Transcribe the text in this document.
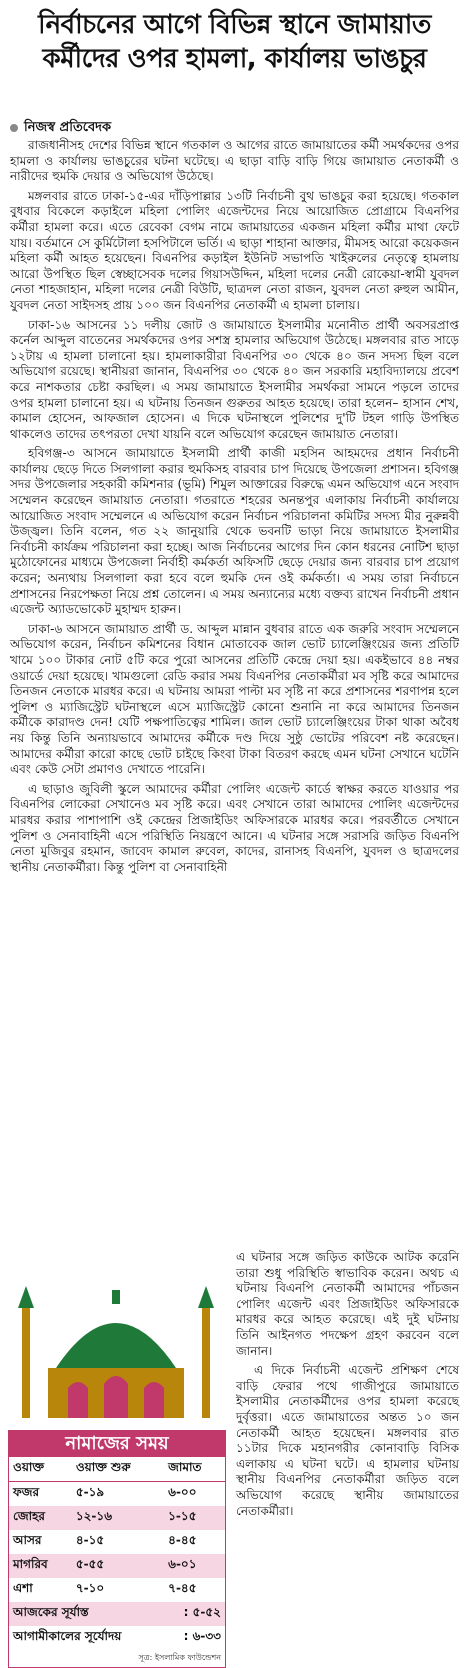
নির্বাচনের আগে বিভিন্ন স্থানে জামায়াত
কর্মীদের ওপর হামলা, কার্যালয় ভাঙচুর
নিজস্ব প্রতিবেদক

রাজধানীসহ দেশের বিভিন্ন স্থানে গতকাল ও আগের রাতে জামায়াতের কর্মী সমর্থকদের ওপর হামলা ও কার্যালয় ভাঙচুরের ঘটনা ঘটেছে। এ ছাড়া বাড়ি বাড়ি গিয়ে জামায়াত নেতাকর্মী ও নারীদের হুমকি দেয়ার ও অভিযোগ উঠেছে।

মঙ্গলবার রাতে ঢাকা-১৫-এর দাঁড়িপাল্লার ১৩টি নির্বাচনী বুথ ভাঙচুর করা হয়েছে। গতকাল বুধবার বিকেলে কড়াইলে মহিলা পোলিং এজেন্টদের নিয়ে আয়োজিত প্রোগ্রামে বিএনপির কর্মীরা হামলা করে। এতে রেবেকা বেগম নামে জামায়াতের একজন মহিলা কর্মীর মাথা ফেটে যায়। বর্তমানে সে কুর্মিটোলা হসপিটালে ভর্তি। এ ছাড়া শাহানা আক্তার, মীমসহ আরো কয়েকজন মহিলা কর্মী আহত হয়েছেন। বিএনপির কড়াইল ইউনিট সভাপতি খাইরুলের নেতৃত্বে হামলায় আরো উপস্থিত ছিল স্বেচ্ছাসেবক দলের গিয়াসউদ্দিন, মহিলা দলের নেত্রী রোকেয়া-স্বামী যুবদল নেতা শাহজাহান, মহিলা দলের নেত্রী বিউটি, ছাত্রদল নেতা রাজন, যুবদল নেতা রুহুল আমীন, যুবদল নেতা সাইদসহ প্রায় ১০০ জন বিএনপির নেতাকর্মী এ হামলা চালায়।

ঢাকা-১৬ আসনের ১১ দলীয় জোট ও জামায়াতে ইসলামীর মনোনীত প্রার্থী অবসরপ্রাপ্ত কর্নেল আব্দুল বাতেনের সমর্থকদের ওপর সশস্ত্র হামলার অভিযোগ উঠেছে। মঙ্গলবার রাত সাড়ে ১২টায় এ হামলা চালানো হয়। হামলাকারীরা বিএনপির ৩০ থেকে ৪০ জন সদস্য ছিল বলে অভিযোগ রয়েছে। স্থানীয়রা জানান, বিএনপির ৩০ থেকে ৪০ জন সরকারি মহাবিদ্যালয়ে প্রবেশ করে নাশকতার চেষ্টা করছিল। এ সময় জামায়াতে ইসলামীর সমর্থকরা সামনে পড়লে তাদের ওপর হামলা চালানো হয়। এ ঘটনায় তিনজন গুরুতর আহত হয়েছে। তারা হলেন– হাসান শেখ, কামাল হোসেন, আফজাল হোসেন। এ দিকে ঘটনাস্থলে পুলিশের দু'টি টহল গাড়ি উপস্থিত থাকলেও তাদের তৎপরতা দেখা যায়নি বলে অভিযোগ করেছেন জামায়াত নেতারা।

হবিগঞ্জ-৩ আসনে জামায়াতে ইসলামী প্রার্থী কাজী মহসিন আহমদের প্রধান নির্বাচনী কার্যালয় ছেড়ে দিতে সিলগালা করার হুমকিসহ বারবার চাপ দিয়েছে উপজেলা প্রশাসন। হবিগঞ্জ সদর উপজেলার সহকারী কমিশনার (ভূমি) শিমুল আক্তারের বিরুদ্ধে এমন অভিযোগ এনে সংবাদ সম্মেলন করেছেন জামায়াত নেতারা। গতরাতে শহরের অনন্তপুর এলাকায় নির্বাচনী কার্যালয়ে আয়োজিত সংবাদ সম্মেলনে এ অভিযোগ করেন নির্বাচন পরিচালনা কমিটির সদস্য মীর নুরুন্নবী উজ্জ্বল। তিনি বলেন, গত ২২ জানুয়ারি থেকে ভবনটি ভাড়া নিয়ে জামায়াতে ইসলামীর নির্বাচনী কার্যক্রম পরিচালনা করা হচ্ছে। আজ নির্বাচনের আগের দিন কোন ধরনের নোটিশ ছাড়া মুঠোফোনের মাধ্যমে উপজেলা নির্বাহী কর্মকর্তা অফিসটি ছেড়ে দেয়ার জন্য বারবার চাপ প্রয়োগ করেন; অন্যথায় সিলগালা করা হবে বলে হুমকি দেন ওই কর্মকর্তা। এ সময় তারা নির্বাচনে প্রশাসনের নিরপেক্ষতা নিয়ে প্রশ্ন তোলেন। এ সময় অন্যান্যের মধ্যে বক্তব্য রাখেন নির্বাচনী প্রধান এজেন্ট অ্যাডভোকেট মুহাম্মদ হারুন।

ঢাকা-৬ আসনে জামায়াত প্রার্থী ড. আব্দুল মান্নান বুধবার রাতে এক জরুরি সংবাদ সম্মেলনে অভিযোগ করেন, নির্বাচন কমিশনের বিধান মোতাবেক জাল ভোট চ্যালেঞ্জিংয়ের জন্য প্রতিটি খামে ১০০ টাকার নোট ৫টি করে পুরো আসনের প্রতিটি কেন্দ্রে দেয়া হয়। একইভাবে ৪৪ নম্বর ওয়ার্ডে দেয়া হয়েছে। খামগুলো রেডি করার সময় বিএনপির নেতাকর্মীরা মব সৃষ্টি করে আমাদের তিনজন নেতাকে মারধর করে। এ ঘটনায় আমরা পাল্টা মব সৃষ্টি না করে প্রশাসনের শরণাপন্ন হলে পুলিশ ও ম্যাজিস্ট্রেট ঘটনাস্থলে এসে ম্যাজিস্ট্রেট কোনো শুনানি না করে আমাদের তিনজন কর্মীকে কারাদণ্ড দেন! যেটি পক্ষপাতিত্বের শামিল। জাল ভোট চ্যালেঞ্জিংয়ের টাকা থাকা অবৈধ নয় কিন্তু তিনি অন্যায়ভাবে আমাদের কর্মীকে দণ্ড দিয়ে সুষ্ঠু ভোটের পরিবেশ নষ্ট করেছেন। আমাদের কর্মীরা কারো কাছে ভোট চাইছে কিংবা টাকা বিতরণ করছে এমন ঘটনা সেখানে ঘটেনি এবং কেউ সেটা প্রমাণও দেখাতে পারেনি।

এ ছাড়াও জুবিলী স্কুলে আমাদের কর্মীরা পোলিং এজেন্ট কার্ডে স্বাক্ষর করতে যাওয়ার পর বিএনপির লোকেরা সেখানেও মব সৃষ্টি করে। এবং সেখানে তারা আমাদের পোলিং এজেন্টদের মারধর করার পাশাপাশি ওই কেন্দ্রের প্রিজাইডিং অফিসারকে মারধর করে। পরবর্তীতে সেখানে পুলিশ ও সেনাবাহিনী এসে পরিস্থিতি নিয়ন্ত্রণে আনে। এ ঘটনার সঙ্গে সরাসরি জড়িত বিএনপি নেতা মুজিবুর রহমান, জাবেদ কামাল রুবেল, কাদের, রানাসহ বিএনপি, যুবদল ও ছাত্রদলের স্থানীয় নেতাকর্মীরা। কিন্তু পুলিশ বা সেনাবাহিনী

নামাজের সময়
ওয়াক্ত	ওয়াক্ত শুরু	জামাত
ফজর	৫-১৯	৬-০০
জোহর	১২-১৬	১-১৫
আসর	৪-১৫	৪-৪৫
মাগরিব	৫-৫৫	৬-০১
এশা	৭-১০	৭-৪৫
আজকের সূর্যাস্ত	: ৫-৫২
আগামীকালের সূর্যোদয়	: ৬-৩৩
সূত্র: ইসলামিক ফাউন্ডেশন

এ ঘটনার সঙ্গে জড়িত কাউকে আটক করেনি তারা শুধু পরিস্থিতি স্বাভাবিক করেন। অথচ এ ঘটনায় বিএনপি নেতাকর্মী আমাদের পাঁচজন পোলিং এজেন্ট এবং প্রিজাইডিং অফিসারকে মারধর করে আহত করেছে। এই দুই ঘটনায় তিনি আইনগত পদক্ষেপ গ্রহণ করবেন বলে জানান।

এ দিকে নির্বাচনী এজেন্ট প্রশিক্ষণ শেষে বাড়ি ফেরার পথে গাজীপুরে জামায়াতে ইসলামীর নেতাকর্মীদের ওপর হামলা করেছে দুর্বৃত্তরা। এতে জামায়াতের অন্তত ১০ জন নেতাকর্মী আহত হয়েছেন। মঙ্গলবার রাত ১১টার দিকে মহানগরীর কোনাবাড়ি বিসিক এলাকায় এ ঘটনা ঘটে। এ হামলার ঘটনায় স্থানীয় বিএনপির নেতাকর্মীরা জড়িত বলে অভিযোগ করেছে স্থানীয় জামায়াতের নেতাকর্মীরা।
